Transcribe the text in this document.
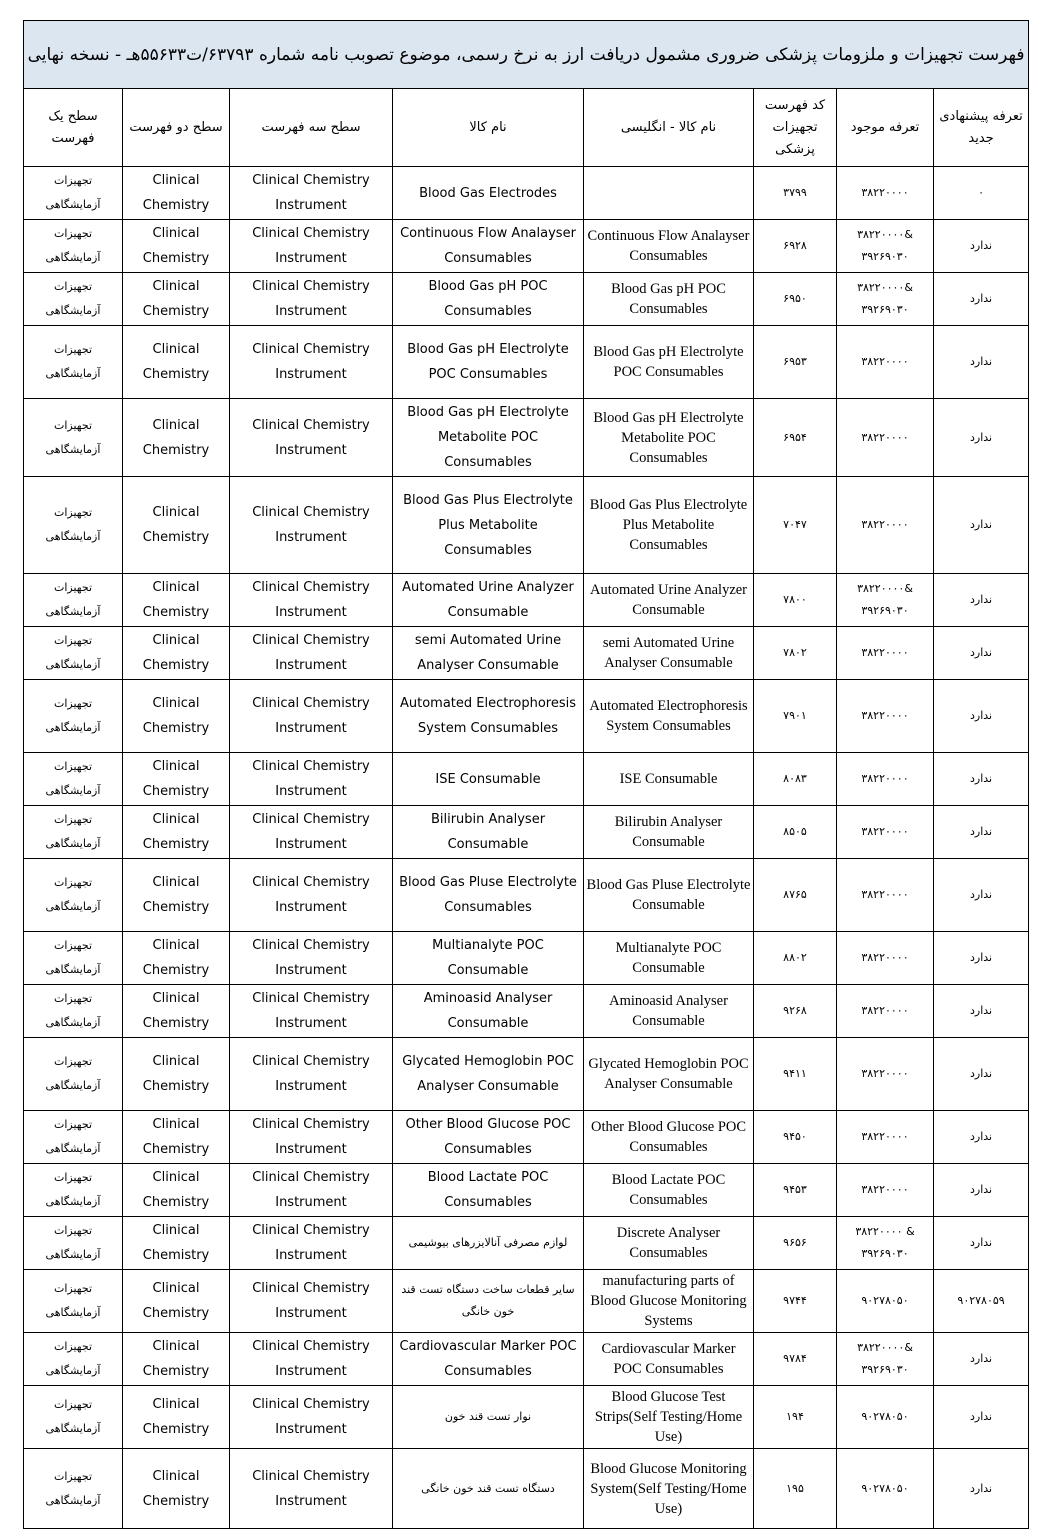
فهرست تجهیزات و ملزومات پزشکی ضروری مشمول دریافت ارز به نرخ رسمی، موضوع تصوبب نامه شماره ۶۳۷۹۳/ت۵۵۶۳۳هـ - نسخه نهایی							
سطح یک فهرست	سطح دو فهرست	سطح سه فهرست	نام کالا	نام کالا - انگلیسی	کد فهرست تجهیزات پزشکی	تعرفه موجود	تعرفه پیشنهادی جدید
تجهیزات آزمایشگاهی	Clinical Chemistry	Clinical Chemistry Instrument	Blood Gas Electrodes		۳۷۹۹	۳۸۲۲۰۰۰۰	۰
تجهیزات آزمایشگاهی	Clinical Chemistry	Clinical Chemistry Instrument	Continuous Flow Analayser Consumables	Continuous Flow Analayser Consumables	۶۹۲۸	۳۸۲۲۰۰۰۰& ۳۹۲۶۹۰۳۰	ندارد
تجهیزات آزمایشگاهی	Clinical Chemistry	Clinical Chemistry Instrument	Blood Gas pH POC Consumables	Blood Gas pH POC Consumables	۶۹۵۰	۳۸۲۲۰۰۰۰& ۳۹۲۶۹۰۳۰	ندارد
تجهیزات آزمایشگاهی	Clinical Chemistry	Clinical Chemistry Instrument	Blood Gas pH Electrolyte POC Consumables	Blood Gas pH Electrolyte POC Consumables	۶۹۵۳	۳۸۲۲۰۰۰۰	ندارد
تجهیزات آزمایشگاهی	Clinical Chemistry	Clinical Chemistry Instrument	Blood Gas pH Electrolyte Metabolite POC Consumables	Blood Gas pH Electrolyte Metabolite POC Consumables	۶۹۵۴	۳۸۲۲۰۰۰۰	ندارد
تجهیزات آزمایشگاهی	Clinical Chemistry	Clinical Chemistry Instrument	Blood Gas Plus Electrolyte Plus Metabolite Consumables	Blood Gas Plus Electrolyte Plus Metabolite Consumables	۷۰۴۷	۳۸۲۲۰۰۰۰	ندارد
تجهیزات آزمایشگاهی	Clinical Chemistry	Clinical Chemistry Instrument	Automated Urine Analyzer Consumable	Automated Urine Analyzer Consumable	۷۸۰۰	۳۸۲۲۰۰۰۰& ۳۹۲۶۹۰۳۰	ندارد
تجهیزات آزمایشگاهی	Clinical Chemistry	Clinical Chemistry Instrument	semi Automated Urine Analyser Consumable	semi Automated Urine Analyser Consumable	۷۸۰۲	۳۸۲۲۰۰۰۰	ندارد
تجهیزات آزمایشگاهی	Clinical Chemistry	Clinical Chemistry Instrument	Automated Electrophoresis System Consumables	Automated Electrophoresis System Consumables	۷۹۰۱	۳۸۲۲۰۰۰۰	ندارد
تجهیزات آزمایشگاهی	Clinical Chemistry	Clinical Chemistry Instrument	ISE Consumable	ISE Consumable	۸۰۸۳	۳۸۲۲۰۰۰۰	ندارد
تجهیزات آزمایشگاهی	Clinical Chemistry	Clinical Chemistry Instrument	Bilirubin Analyser Consumable	Bilirubin Analyser Consumable	۸۵۰۵	۳۸۲۲۰۰۰۰	ندارد
تجهیزات آزمایشگاهی	Clinical Chemistry	Clinical Chemistry Instrument	Blood Gas Pluse Electrolyte Consumables	Blood Gas Pluse Electrolyte Consumable	۸۷۶۵	۳۸۲۲۰۰۰۰	ندارد
تجهیزات آزمایشگاهی	Clinical Chemistry	Clinical Chemistry Instrument	Multianalyte POC Consumable	Multianalyte POC Consumable	۸۸۰۲	۳۸۲۲۰۰۰۰	ندارد
تجهیزات آزمایشگاهی	Clinical Chemistry	Clinical Chemistry Instrument	Aminoasid Analyser Consumable	Aminoasid Analyser Consumable	۹۲۶۸	۳۸۲۲۰۰۰۰	ندارد
تجهیزات آزمایشگاهی	Clinical Chemistry	Clinical Chemistry Instrument	Glycated Hemoglobin POC Analyser Consumable	Glycated Hemoglobin POC Analyser Consumable	۹۴۱۱	۳۸۲۲۰۰۰۰	ندارد
تجهیزات آزمایشگاهی	Clinical Chemistry	Clinical Chemistry Instrument	Other Blood Glucose POC Consumables	Other Blood Glucose POC Consumables	۹۴۵۰	۳۸۲۲۰۰۰۰	ندارد
تجهیزات آزمایشگاهی	Clinical Chemistry	Clinical Chemistry Instrument	Blood Lactate POC Consumables	Blood Lactate POC Consumables	۹۴۵۳	۳۸۲۲۰۰۰۰	ندارد
تجهیزات آزمایشگاهی	Clinical Chemistry	Clinical Chemistry Instrument	لوازم مصرفی آنالایزرهای بیوشیمی	Discrete Analyser Consumables	۹۶۵۶	۳۸۲۲۰۰۰۰ & ۳۹۲۶۹۰۳۰	ندارد
تجهیزات آزمایشگاهی	Clinical Chemistry	Clinical Chemistry Instrument	سایر قطعات ساخت دستگاه تست قند خون خانگی	manufacturing parts of Blood Glucose Monitoring Systems	۹۷۴۴	۹۰۲۷۸۰۵۰	۹۰۲۷۸۰۵۹
تجهیزات آزمایشگاهی	Clinical Chemistry	Clinical Chemistry Instrument	Cardiovascular Marker POC Consumables	Cardiovascular Marker POC Consumables	۹۷۸۴	۳۸۲۲۰۰۰۰& ۳۹۲۶۹۰۳۰	ندارد
تجهیزات آزمایشگاهی	Clinical Chemistry	Clinical Chemistry Instrument	نوار تست قند خون	Blood Glucose Test Strips(Self Testing/Home Use)	۱۹۴	۹۰۲۷۸۰۵۰	ندارد
تجهیزات آزمایشگاهی	Clinical Chemistry	Clinical Chemistry Instrument	دستگاه تست قند خون خانگی	Blood Glucose Monitoring System(Self Testing/Home Use)	۱۹۵	۹۰۲۷۸۰۵۰	ندارد
